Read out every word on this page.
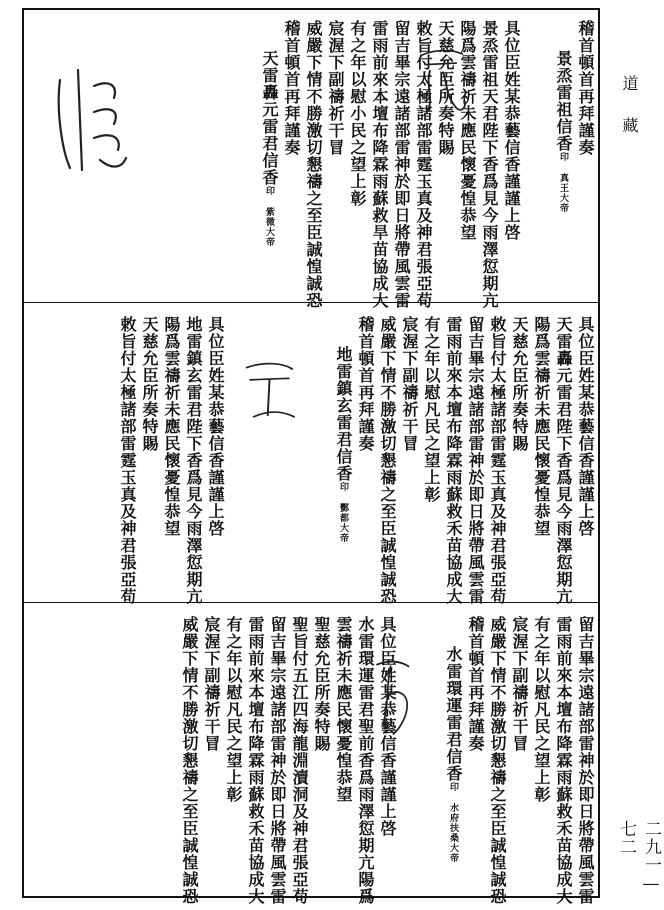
道藏
二九一—七二
稽首頓首再拜謹奏
景烝雷祖信香印 真王大帝
具位臣姓某恭藝信香謹謹上啓
景烝雷祖天君陛下香爲見今雨澤愆期亢
陽爲雲禱祈未應民懷憂惶恭望
天慈允臣所奏特賜
敕旨付太極諸部雷霆玉真及神君張亞苟
留吉畢宗遠諸部雷神於即日將帶風雲雷
雷雨前來本壇布降霖雨蘇救旱苗協成大
有之年以慰小民之望上彰
宸渥下副禱祈干冒
威嚴下情不勝激切懇禱之至臣誠惶誠恐
稽首頓首再拜謹奏
天雷轟元雷君信香印 紫微大帝
具位臣姓某恭藝信香謹謹上啓
天雷轟元雷君陛下香爲見今雨澤愆期亢
陽爲雲禱祈未應民懷憂惶恭望
天慈允臣所奏特賜
敕旨付太極諸部雷霆玉真及神君張亞苟
留吉畢宗遠諸部雷神於即日將帶風雲雷
雷雨前來本壇布降霖雨蘇救禾苗協成大
有之年以慰凡民之望上彰
宸渥下副禱祈干冒
威嚴下情不勝激切懇禱之至臣誠惶誠恐
稽首頓首再拜謹奏
地雷鎮玄雷君信香印 酆都大帝
具位臣姓某恭藝信香謹謹上啓
地雷鎮玄雷君陛下香爲見今雨澤愆期亢
陽爲雲禱祈未應民懷憂惶恭望
天慈允臣所奏特賜
敕旨付太極諸部雷霆玉真及神君張亞苟
留吉畢宗遠諸部雷神於即日將帶風雲雷
雷雨前來本壇布降霖雨蘇救禾苗協成大
有之年以慰凡民之望上彰
宸渥下副禱祈干冒
威嚴下情不勝激切懇禱之至臣誠惶誠恐
稽首頓首再拜謹奏
水雷環運雷君信香印 水府扶桑大帝
具位臣姓某恭藝信香謹謹上啓
水雷環運雷君聖前香爲雨澤愆期亢陽爲
雲禱祈未應民懷憂惶恭望
聖慈允臣所奏特賜
聖旨付五江四海龍淵瀆洞及神君張亞苟
留吉畢宗遠諸部雷神於即日將帶風雲雷
雷雨前來本壇布降霖雨蘇救禾苗協成大
有之年以慰凡民之望上彰
宸渥下副禱祈干冒
威嚴下情不勝激切懇禱之至臣誠惶誠恐
